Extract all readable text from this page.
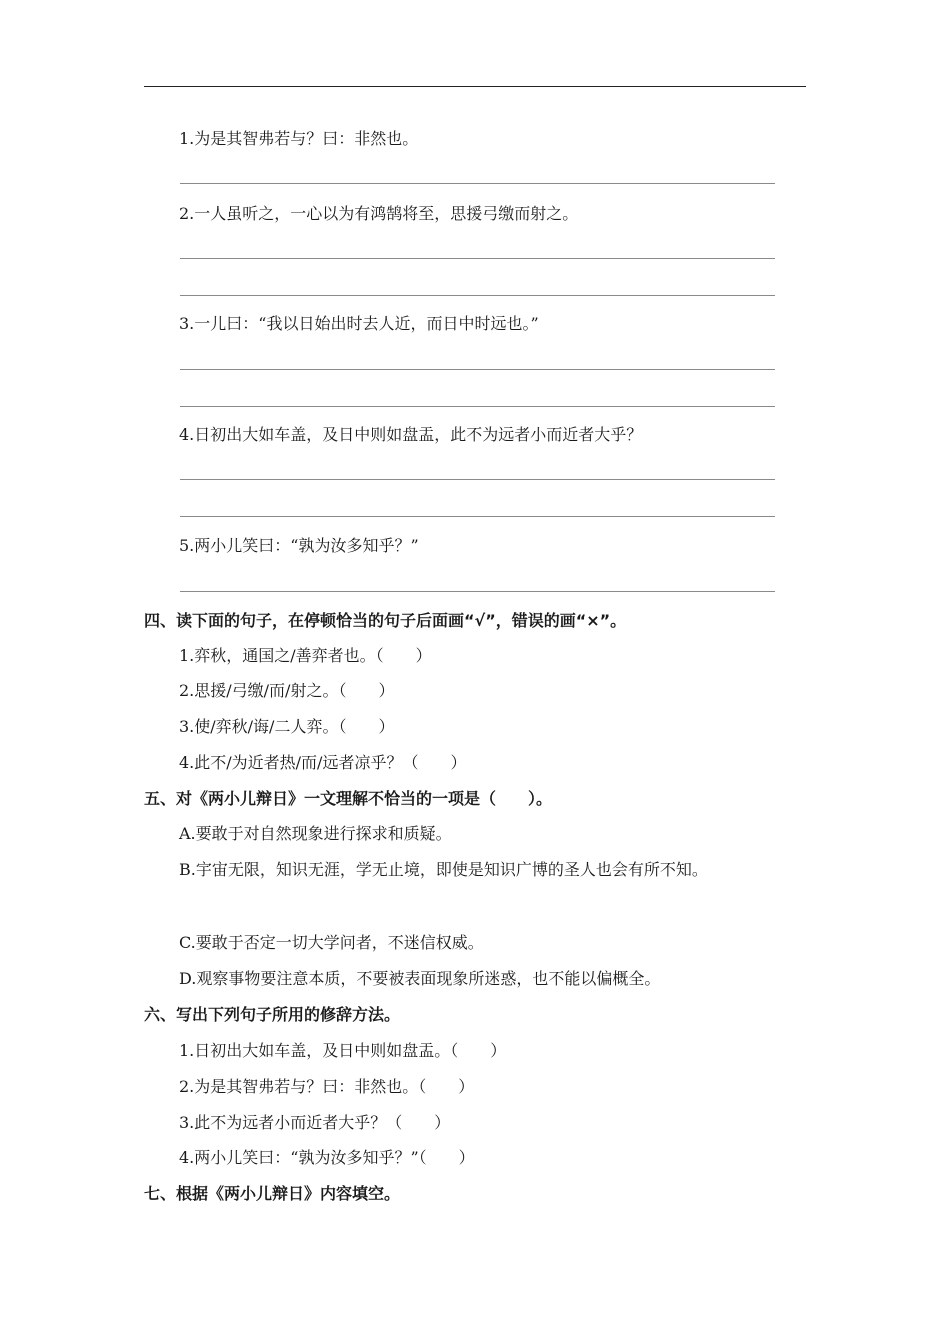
1.为是其智弗若与？曰：非然也。
2.一人虽听之，一心以为有鸿鹄将至，思援弓缴而射之。
3.一儿曰：“我以日始出时去人近，而日中时远也。”
4.日初出大如车盖，及日中则如盘盂，此不为远者小而近者大乎？
5.两小儿笑曰：“孰为汝多知乎？”
四、读下面的句子，在停顿恰当的句子后面画“√”，错误的画“×”。
1.弈秋，通国之/善弈者也。（　　）
2.思援/弓缴/而/射之。（　　）
3.使/弈秋/诲/二人弈。（　　）
4.此不/为近者热/而/远者凉乎？（　　）
五、对《两小儿辩日》一文理解不恰当的一项是（　　）。
A.要敢于对自然现象进行探求和质疑。
B.宇宙无限，知识无涯，学无止境，即使是知识广博的圣人也会有所不知。
C.要敢于否定一切大学问者，不迷信权威。
D.观察事物要注意本质，不要被表面现象所迷惑，也不能以偏概全。
六、写出下列句子所用的修辞方法。
1.日初出大如车盖，及日中则如盘盂。（　　）
2.为是其智弗若与？曰：非然也。（　　）
3.此不为远者小而近者大乎？（　　）
4.两小儿笑曰：“孰为汝多知乎？”（　　）
七、根据《两小儿辩日》内容填空。
